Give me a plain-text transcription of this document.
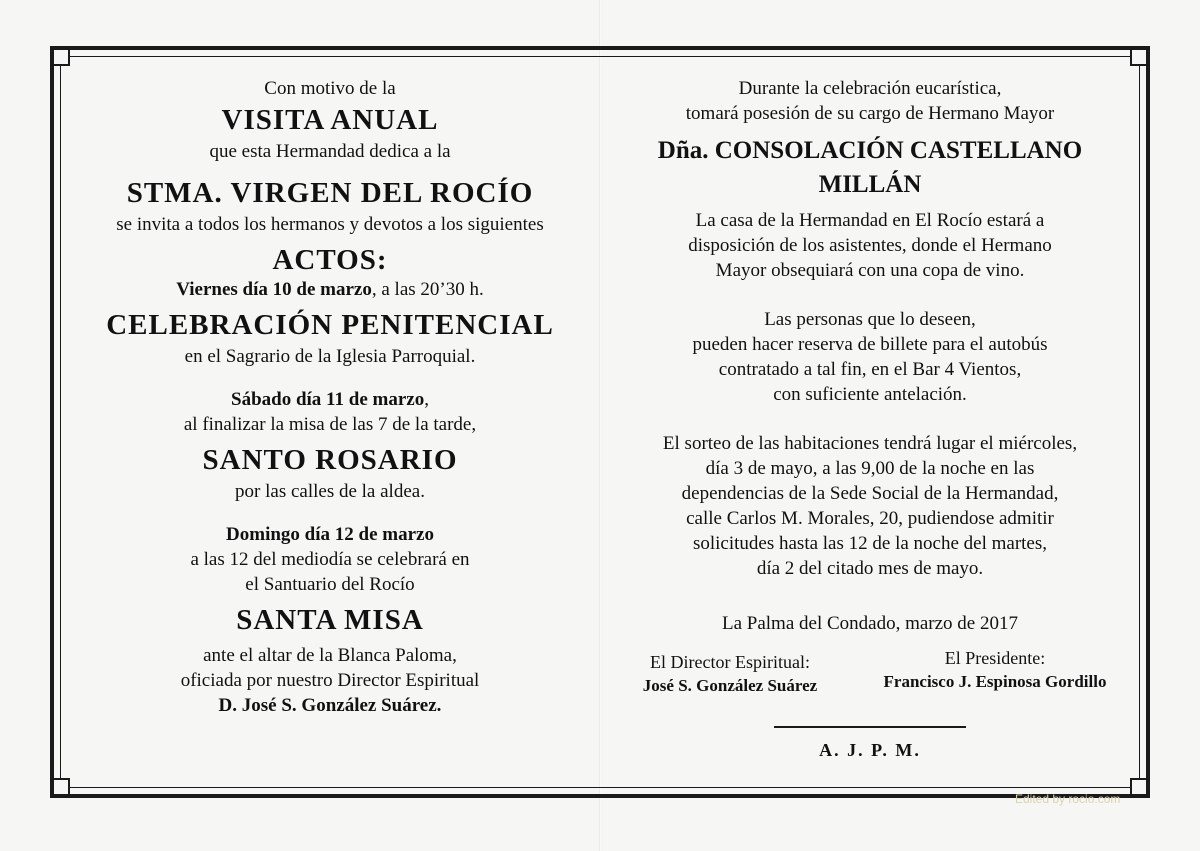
Con motivo de la

VISITA ANUAL

que esta Hermandad dedica a la

STMA. VIRGEN DEL ROCÍO

se invita a todos los hermanos y devotos a los siguientes

ACTOS:

Viernes día 10 de marzo, a las 20’30 h.

CELEBRACIÓN PENITENCIAL

en el Sagrario de la Iglesia Parroquial.

Sábado día 11 de marzo,

al finalizar la misa de las 7 de la tarde,

SANTO ROSARIO

por las calles de la aldea.

Domingo día 12 de marzo

a las 12 del mediodía se celebrará en

el Santuario del Rocío

SANTA MISA

ante el altar de la Blanca Paloma,

oficiada por nuestro Director Espiritual

D. José S. González Suárez.

Durante la celebración eucarística,

tomará posesión de su cargo de Hermano Mayor

Dña. CONSOLACIÓN CASTELLANO MILLÁN

La casa de la Hermandad en El Rocío estará a

disposición de los asistentes, donde el Hermano

Mayor obsequiará con una copa de vino.

Las personas que lo deseen,

pueden hacer reserva de billete para el autobús

contratado a tal fin, en el Bar 4 Vientos,

con suficiente antelación.

El sorteo de las habitaciones tendrá lugar el miércoles,

día 3 de mayo, a las 9,00 de la noche en las

dependencias de la Sede Social de la Hermandad,

calle Carlos M. Morales, 20, pudiendose admitir

solicitudes hasta las 12 de la noche del martes,

día 2 del citado mes de mayo.

La Palma del Condado, marzo de 2017

El Director Espiritual:
José S. González Suárez
El Presidente:
Francisco J. Espinosa Gordillo
A. J. P. M.
Edited by rocio.com
